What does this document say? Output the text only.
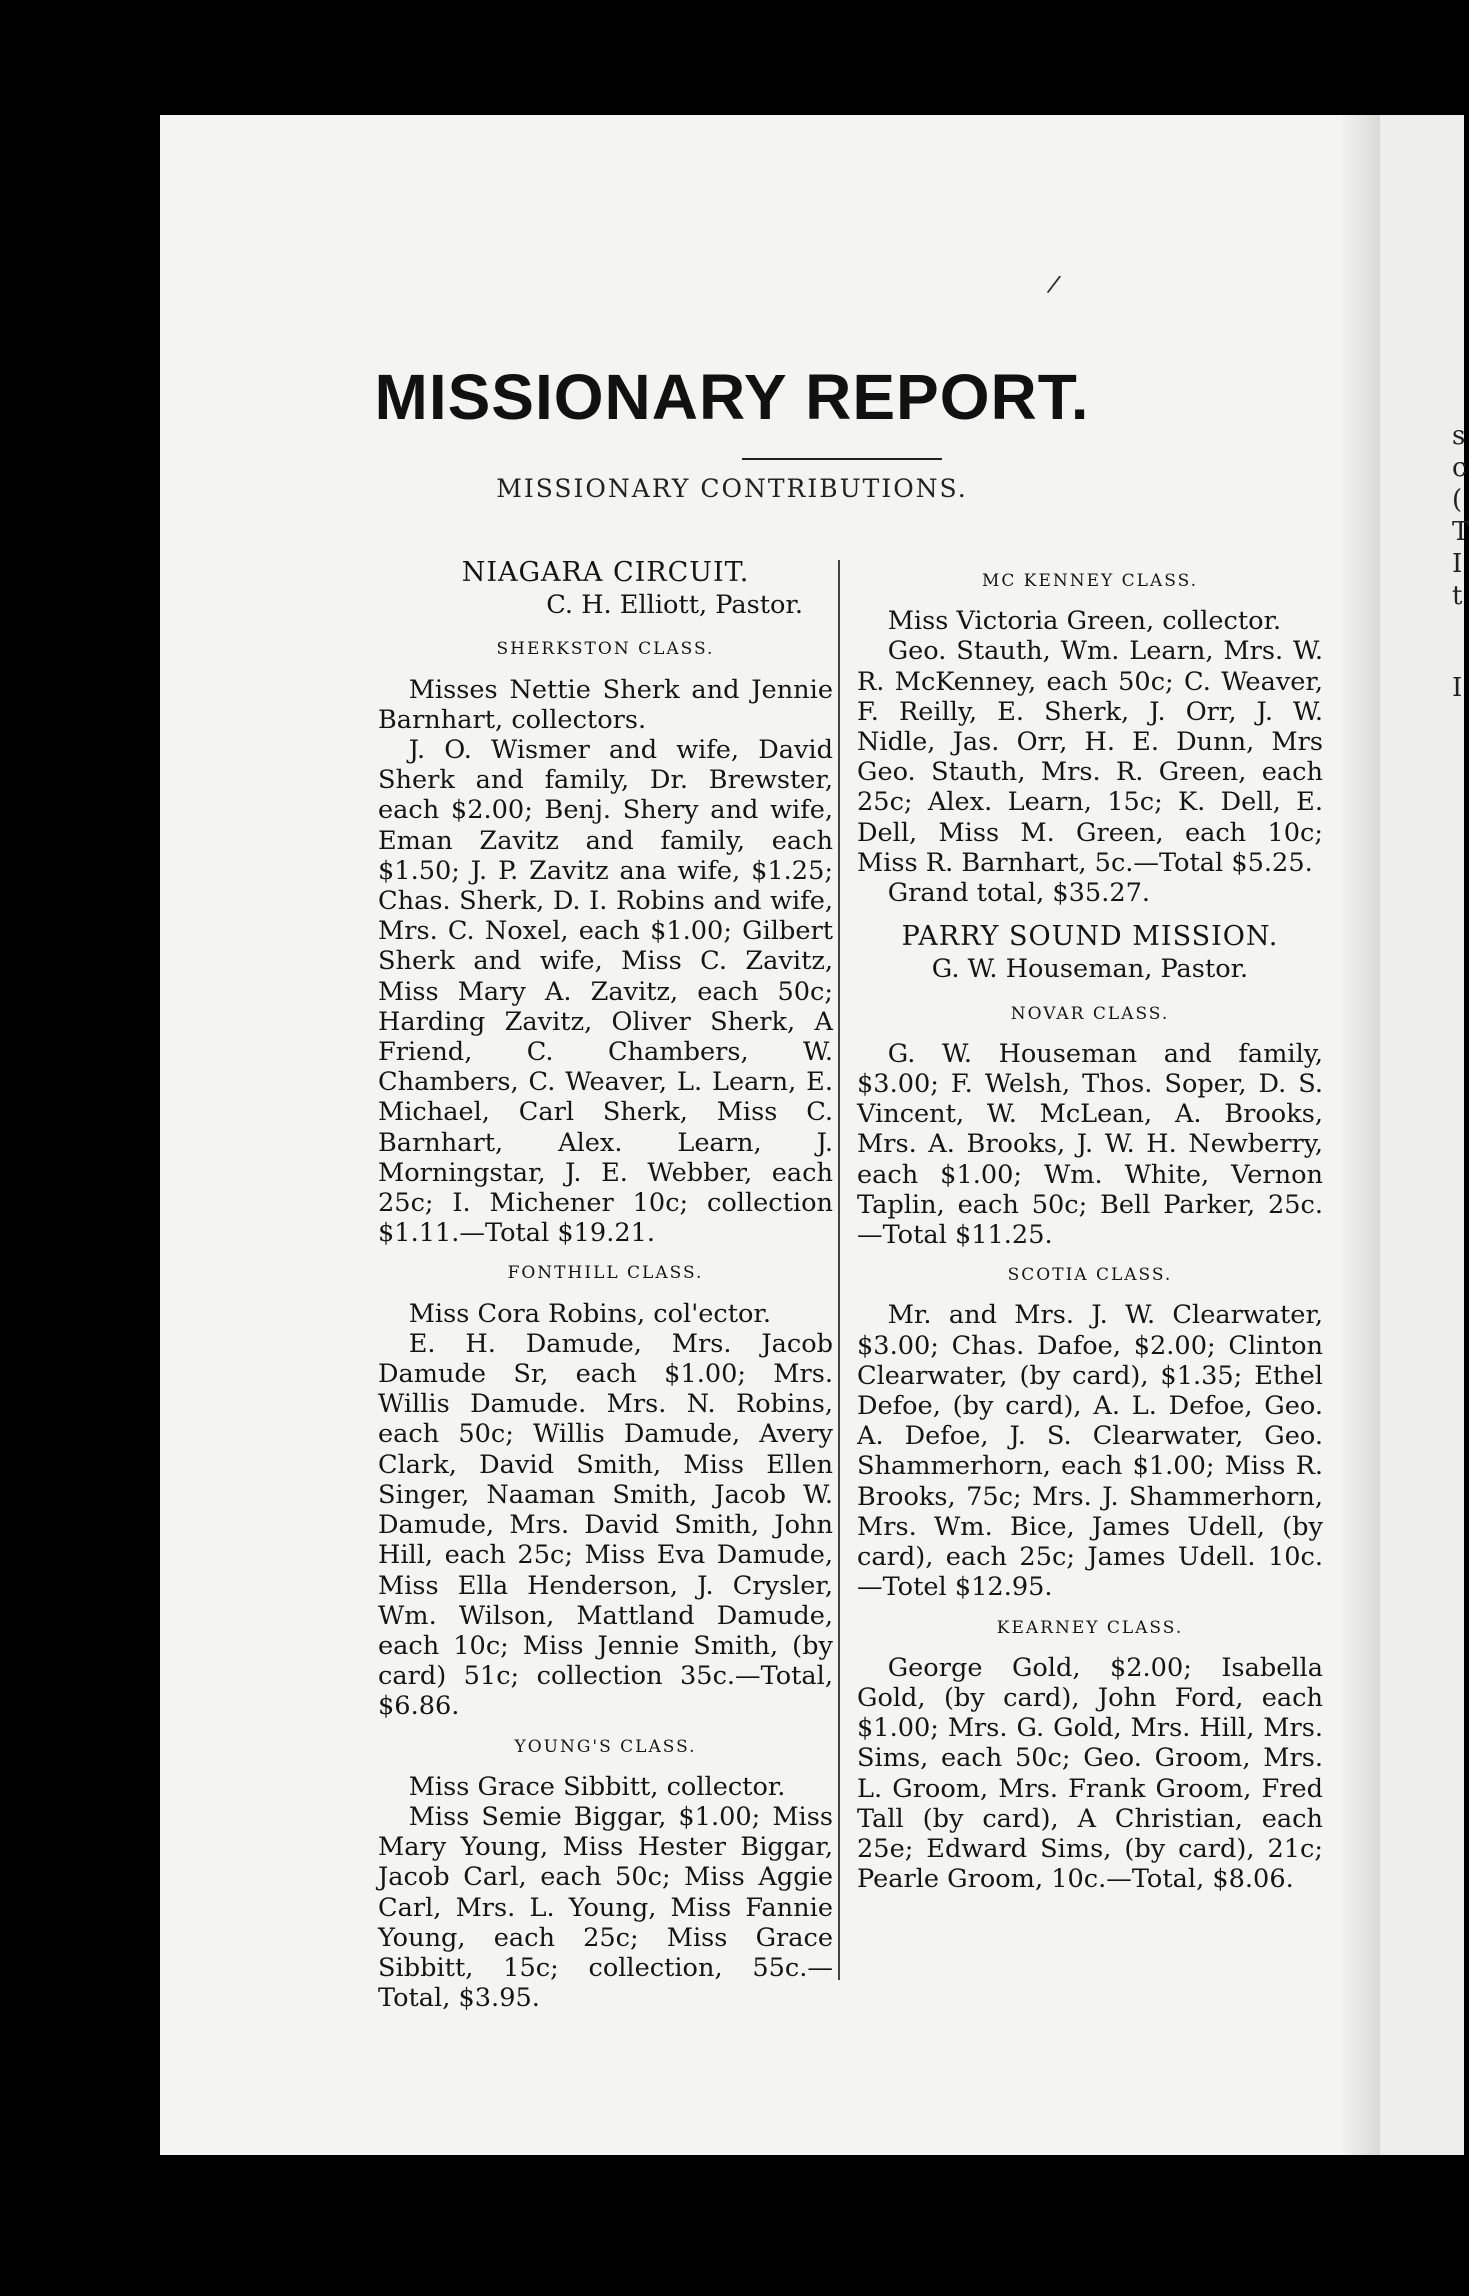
s
c
(
T
I
t
I
/
MISSIONARY REPORT.
MISSIONARY CONTRIBUTIONS.
NIAGARA CIRCUIT.
C. H. Elliott, Pastor.
SHERKSTON CLASS.

Misses Nettie Sherk and Jennie Barnhart, collectors.

J. O. Wismer and wife, David Sherk and family, Dr. Brewster, each $2.00; Benj. Shery and wife, Eman Zavitz and family, each $1.50; J. P. Zavitz ana wife, $1.25; Chas. Sherk, D. I. Robins and wife, Mrs. C. Noxel, each $1.00; Gilbert Sherk and wife, Miss C. Zavitz, Miss Mary A. Zavitz, each 50c; Harding Zavitz, Oliver Sherk, A Friend, C. Chambers, W. Chambers, C. Weaver, L. Learn, E. Michael, Carl Sherk, Miss C. Barnhart, Alex. Learn, J. Morningstar, J. E. Webber, each 25c; I. Michener 10c; collection $1.11.—Total $19.21.

FONTHILL CLASS.

Miss Cora Robins, col'ector.

E. H. Damude, Mrs. Jacob Damude Sr, each $1.00; Mrs. Willis Damude. Mrs. N. Robins, each 50c; Willis Damude, Avery Clark, David Smith, Miss Ellen Singer, Naaman Smith, Jacob W. Damude, Mrs. David Smith, John Hill, each 25c; Miss Eva Damude, Miss Ella Henderson, J. Crysler, Wm. Wilson, Mattland Damude, each 10c; Miss Jennie Smith, (by card) 51c; collection 35c.—Total, $6.86.

YOUNG'S CLASS.

Miss Grace Sibbitt, collector.

Miss Semie Biggar, $1.00; Miss Mary Young, Miss Hester Biggar, Jacob Carl, each 50c; Miss Aggie Carl, Mrs. L. Young, Miss Fannie Young, each 25c; Miss Grace Sibbitt, 15c; collection, 55c.—Total, $3.95.

MC KENNEY CLASS.

Miss Victoria Green, collector.

Geo. Stauth, Wm. Learn, Mrs. W. R. McKenney, each 50c; C. Weaver, F. Reilly, E. Sherk, J. Orr, J. W. Nidle, Jas. Orr, H. E. Dunn, Mrs Geo. Stauth, Mrs. R. Green, each 25c; Alex. Learn, 15c; K. Dell, E. Dell, Miss M. Green, each 10c; Miss R. Barnhart, 5c.—Total $5.25.

Grand total, $35.27.

PARRY SOUND MISSION.
G. W. Houseman, Pastor.
NOVAR CLASS.

G. W. Houseman and family, $3.00; F. Welsh, Thos. Soper, D. S. Vincent, W. McLean, A. Brooks, Mrs. A. Brooks, J. W. H. Newberry, each $1.00; Wm. White, Vernon Taplin, each 50c; Bell Parker, 25c.—Total $11.25.

SCOTIA CLASS.

Mr. and Mrs. J. W. Clearwater, $3.00; Chas. Dafoe, $2.00; Clinton Clearwater, (by card), $1.35; Ethel Defoe, (by card), A. L. Defoe, Geo. A. Defoe, J. S. Clearwater, Geo. Shammerhorn, each $1.00; Miss R. Brooks, 75c; Mrs. J. Shammerhorn, Mrs. Wm. Bice, James Udell, (by card), each 25c; James Udell. 10c.—Totel $12.95.

KEARNEY CLASS.

George Gold, $2.00; Isabella Gold, (by card), John Ford, each $1.00; Mrs. G. Gold, Mrs. Hill, Mrs. Sims, each 50c; Geo. Groom, Mrs. L. Groom, Mrs. Frank Groom, Fred Tall (by card), A Christian, each 25e; Edward Sims, (by card), 21c; Pearle Groom, 10c.—Total, $8.06.
